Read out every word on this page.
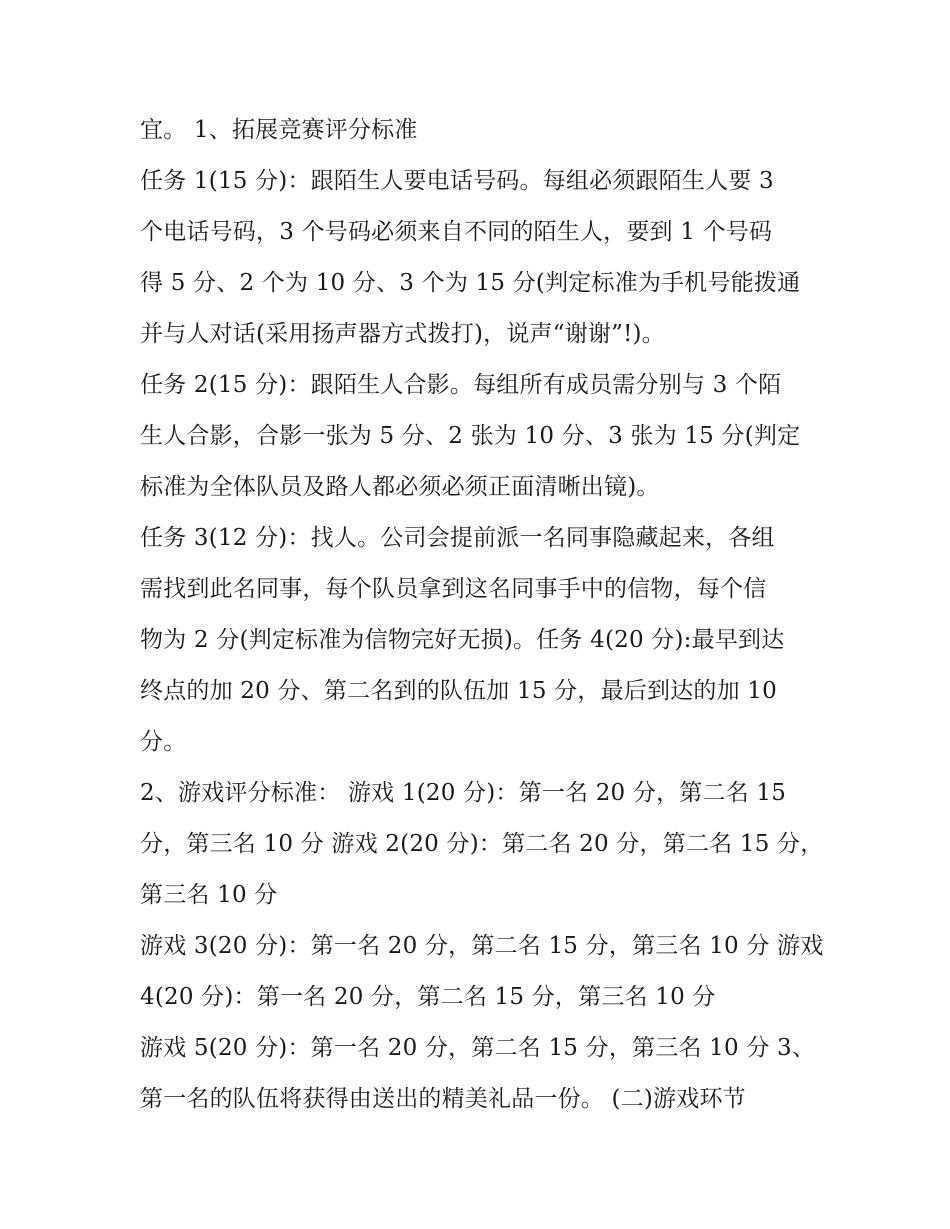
宜。 1、拓展竞赛评分标准
任务 1(15 分)：跟陌生人要电话号码。每组必须跟陌生人要 3
个电话号码，3 个号码必须来自不同的陌生人，要到 1 个号码
得 5 分、2 个为 10 分、3 个为 15 分(判定标准为手机号能拨通
并与人对话(采用扬声器方式拨打)，说声“谢谢”!)。
任务 2(15 分)：跟陌生人合影。每组所有成员需分别与 3 个陌
生人合影，合影一张为 5 分、2 张为 10 分、3 张为 15 分(判定
标准为全体队员及路人都必须必须正面清晰出镜)。
任务 3(12 分)：找人。公司会提前派一名同事隐藏起来，各组
需找到此名同事，每个队员拿到这名同事手中的信物，每个信
物为 2 分(判定标准为信物完好无损)。任务 4(20 分):最早到达
终点的加 20 分、第二名到的队伍加 15 分，最后到达的加 10
分。
2、游戏评分标准： 游戏 1(20 分)：第一名 20 分，第二名 15
分，第三名 10 分 游戏 2(20 分)：第二名 20 分，第二名 15 分，
第三名 10 分
游戏 3(20 分)：第一名 20 分，第二名 15 分，第三名 10 分 游戏
4(20 分)：第一名 20 分，第二名 15 分，第三名 10 分
游戏 5(20 分)：第一名 20 分，第二名 15 分，第三名 10 分 3、
第一名的队伍将获得由送出的精美礼品一份。 (二)游戏环节
